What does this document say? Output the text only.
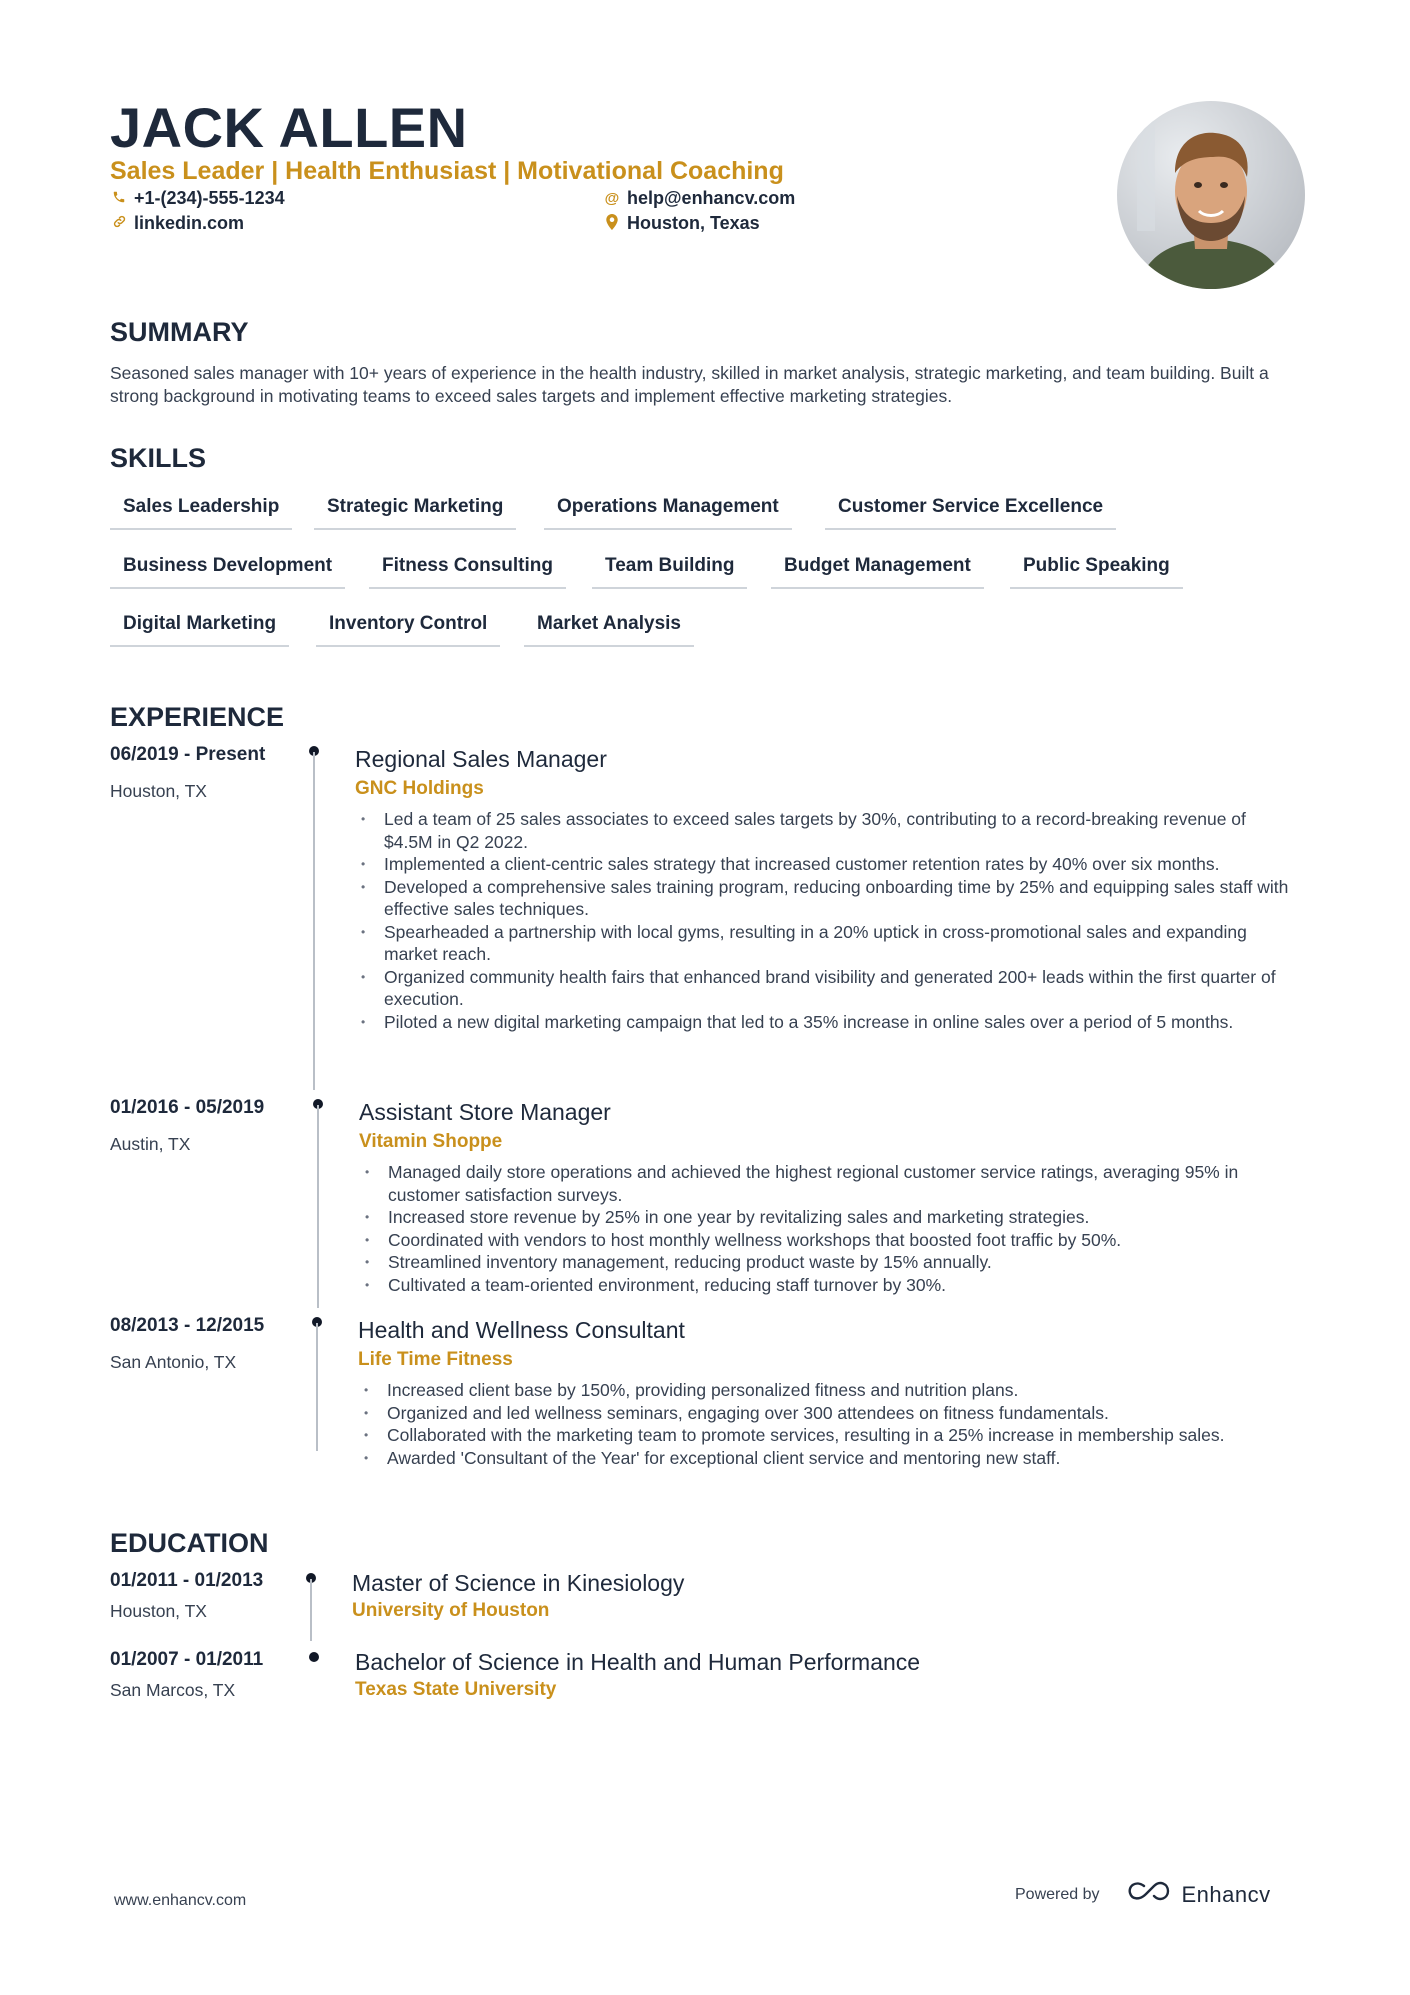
JACK ALLEN
Sales Leader | Health Enthusiast | Motivational Coaching
+1-(234)-555-1234
linkedin.com
@ help@enhancv.com
Houston, Texas
SUMMARY
Seasoned sales manager with 10+ years of experience in the health industry, skilled in market analysis, strategic marketing, and team building. Built a strong background in motivating teams to exceed sales targets and implement effective marketing strategies.
SKILLS
Sales Leadership	Strategic Marketing	Operations Management	Customer Service Excellence
Business Development	Fitness Consulting	Team Building	Budget Management	Public Speaking
Digital Marketing	Inventory Control	Market Analysis
EXPERIENCE
06/2019 - Present
Houston, TX
Regional Sales Manager
GNC Holdings
• Led a team of 25 sales associates to exceed sales targets by 30%, contributing to a record-breaking revenue of $4.5M in Q2 2022.
• Implemented a client-centric sales strategy that increased customer retention rates by 40% over six months.
• Developed a comprehensive sales training program, reducing onboarding time by 25% and equipping sales staff with effective sales techniques.
• Spearheaded a partnership with local gyms, resulting in a 20% uptick in cross-promotional sales and expanding market reach.
• Organized community health fairs that enhanced brand visibility and generated 200+ leads within the first quarter of execution.
• Piloted a new digital marketing campaign that led to a 35% increase in online sales over a period of 5 months.
01/2016 - 05/2019
Austin, TX
Assistant Store Manager
Vitamin Shoppe
• Managed daily store operations and achieved the highest regional customer service ratings, averaging 95% in customer satisfaction surveys.
• Increased store revenue by 25% in one year by revitalizing sales and marketing strategies.
• Coordinated with vendors to host monthly wellness workshops that boosted foot traffic by 50%.
• Streamlined inventory management, reducing product waste by 15% annually.
• Cultivated a team-oriented environment, reducing staff turnover by 30%.
08/2013 - 12/2015
San Antonio, TX
Health and Wellness Consultant
Life Time Fitness
• Increased client base by 150%, providing personalized fitness and nutrition plans.
• Organized and led wellness seminars, engaging over 300 attendees on fitness fundamentals.
• Collaborated with the marketing team to promote services, resulting in a 25% increase in membership sales.
• Awarded 'Consultant of the Year' for exceptional client service and mentoring new staff.
EDUCATION
01/2011 - 01/2013
Houston, TX
Master of Science in Kinesiology
University of Houston
01/2007 - 01/2011
San Marcos, TX
Bachelor of Science in Health and Human Performance
Texas State University
www.enhancv.com	Powered by	Enhancv
